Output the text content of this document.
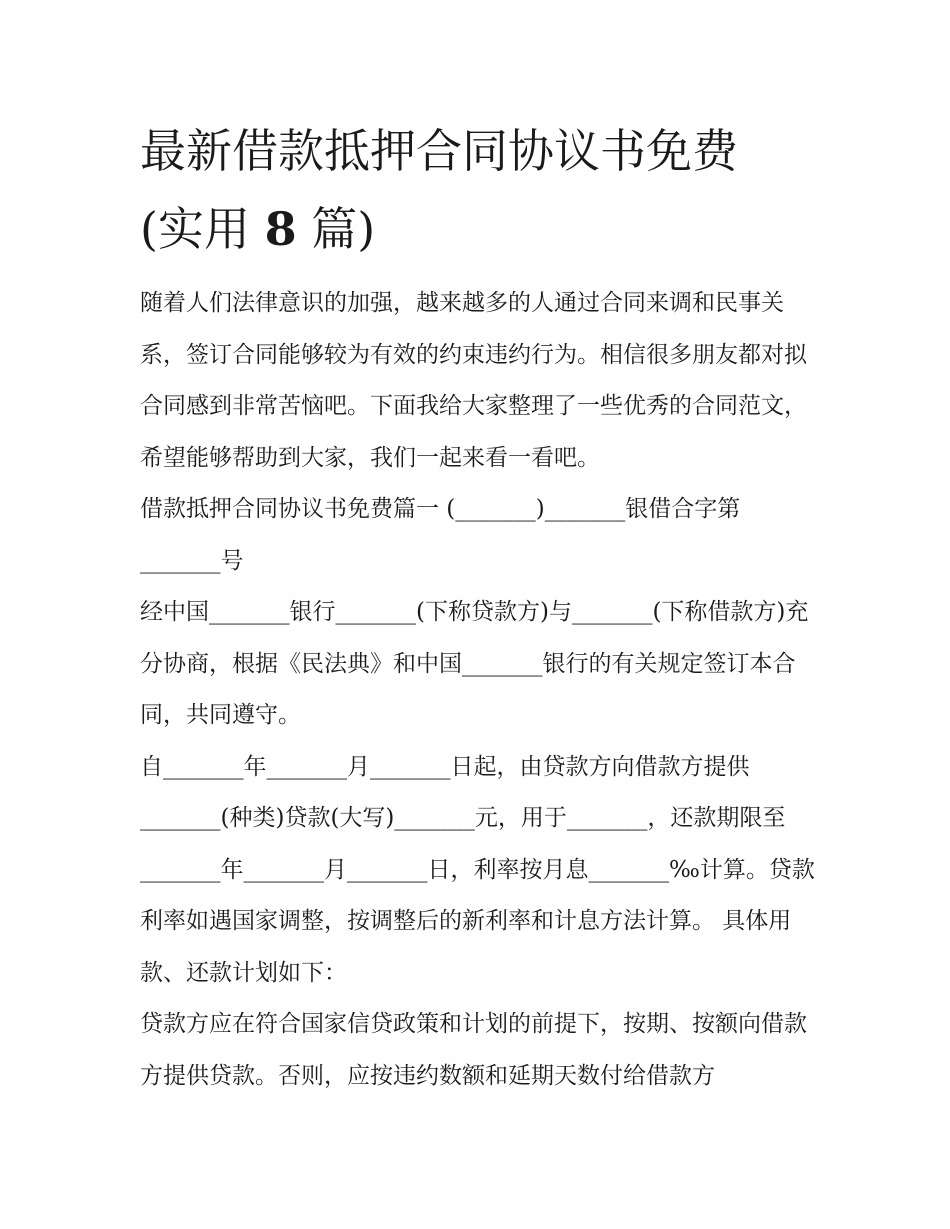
最新借款抵押合同协议书免费
(实用 8 篇)

随着人们法律意识的加强，越来越多的人通过合同来调和民事关系，签订合同能够较为有效的约束违约行为。相信很多朋友都对拟合同感到非常苦恼吧。下面我给大家整理了一些优秀的合同范文，希望能够帮助到大家，我们一起来看一看吧。

借款抵押合同协议书免费篇一 (_______)_______银借合字第_______号

经中国_______银行_______(下称贷款方)与_______(下称借款方)充分协商，根据《民法典》和中国_______银行的有关规定签订本合同，共同遵守。

自_______年_______月_______日起，由贷款方向借款方提供_______(种类)贷款(大写)_______元，用于_______，还款期限至_______年_______月_______日，利率按月息_______‰计算。贷款利率如遇国家调整，按调整后的新利率和计息方法计算。 具体用款、还款计划如下：

贷款方应在符合国家信贷政策和计划的前提下，按期、按额向借款方提供贷款。否则，应按违约数额和延期天数付给借款方
